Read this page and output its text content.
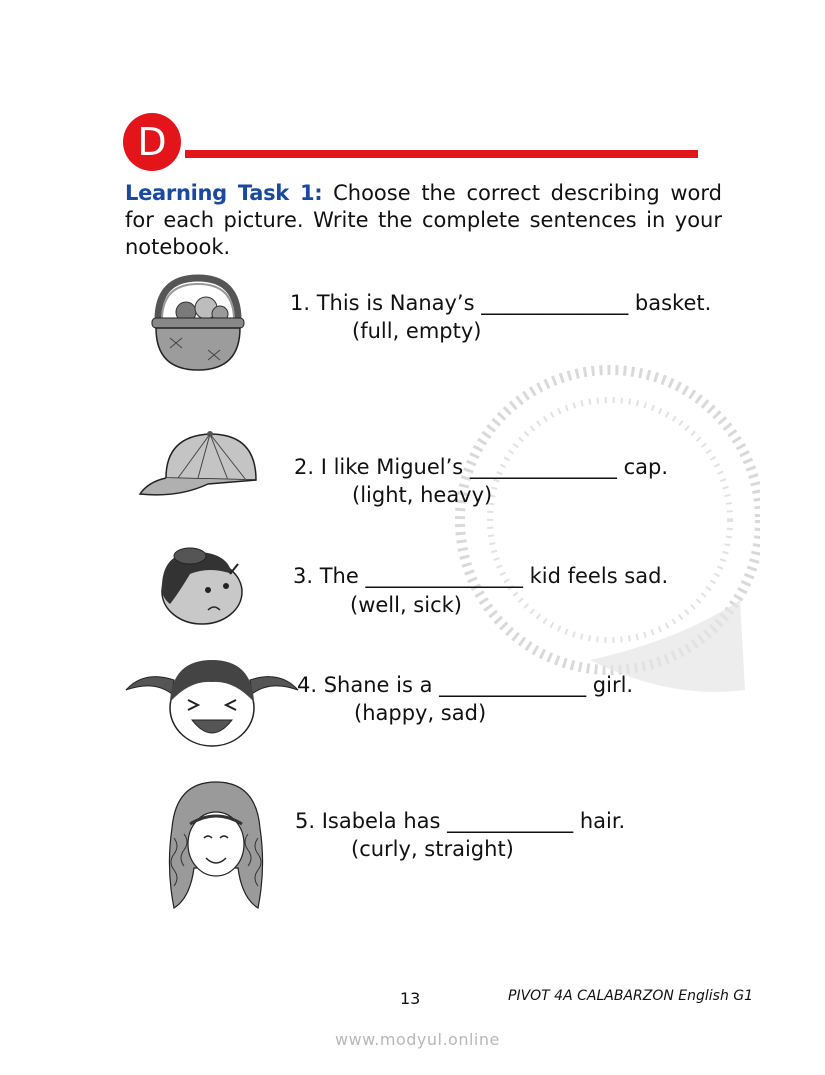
D
Learning Task 1: Choose the correct describing word for each picture. Write the complete sentences in your notebook.
1. This is Nanay’s ______________ basket.
(full, empty)
2. I like Miguel’s ______________ cap.
(light, heavy)
3. The _______________ kid feels sad.
(well, sick)
4. Shane is a ______________ girl.
(happy, sad)
5. Isabela has ____________ hair.
(curly, straight)
13	PIVOT 4A CALABARZON English G1
www.modyul.online
